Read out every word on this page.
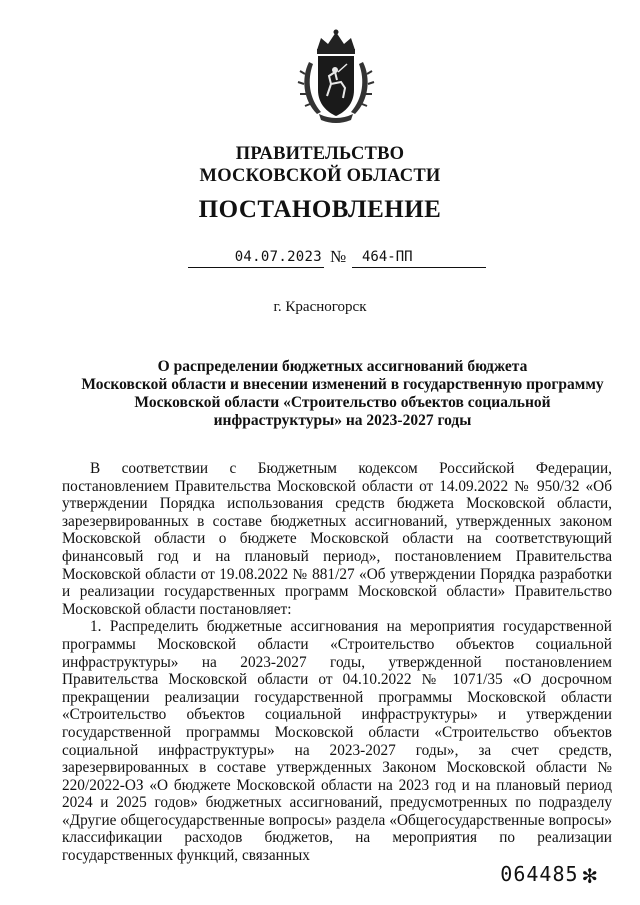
ПРАВИТЕЛЬСТВО
МОСКОВСКОЙ ОБЛАСТИ
ПОСТАНОВЛЕНИЕ
04.07.2023 №	464-ПП
г. Красногорск
О распределении бюджетных ассигнований бюджета
Московской области и внесении изменений в государственную программу
Московской области «Строительство объектов социальной
инфраструктуры» на 2023-2027 годы

В соответствии с Бюджетным кодексом Российской Федерации, постановлением Правительства Московской области от 14.09.2022 № 950/32 «Об утверждении Порядка использования средств бюджета Московской области, зарезервированных в составе бюджетных ассигнований, утвержденных законом Московской области о бюджете Московской области на соответствующий финансовый год и на плановый период», постановлением Правительства Московской области от 19.08.2022 № 881/27 «Об утверждении Порядка разработки и реализации государственных программ Московской области» Правительство Московской области постановляет:

1. Распределить бюджетные ассигнования на мероприятия государственной программы Московской области «Строительство объектов социальной инфраструктуры» на 2023-2027 годы, утвержденной постановлением Правительства Московской области от 04.10.2022 № 1071/35 «О досрочном прекращении реализации государственной программы Московской области «Строительство объектов социальной инфраструктуры» и утверждении государственной программы Московской области «Строительство объектов социальной инфраструктуры» на 2023-2027 годы», за счет средств, зарезервированных в составе утвержденных Законом Московской области № 220/2022-ОЗ «О бюджете Московской области на 2023 год и на плановый период 2024 и 2025 годов» бюджетных ассигнований, предусмотренных по подразделу «Другие общегосударственные вопросы» раздела «Общегосударственные вопросы» классификации расходов бюджетов, на мероприятия по реализации государственных функций, связанных

064485 ✻
